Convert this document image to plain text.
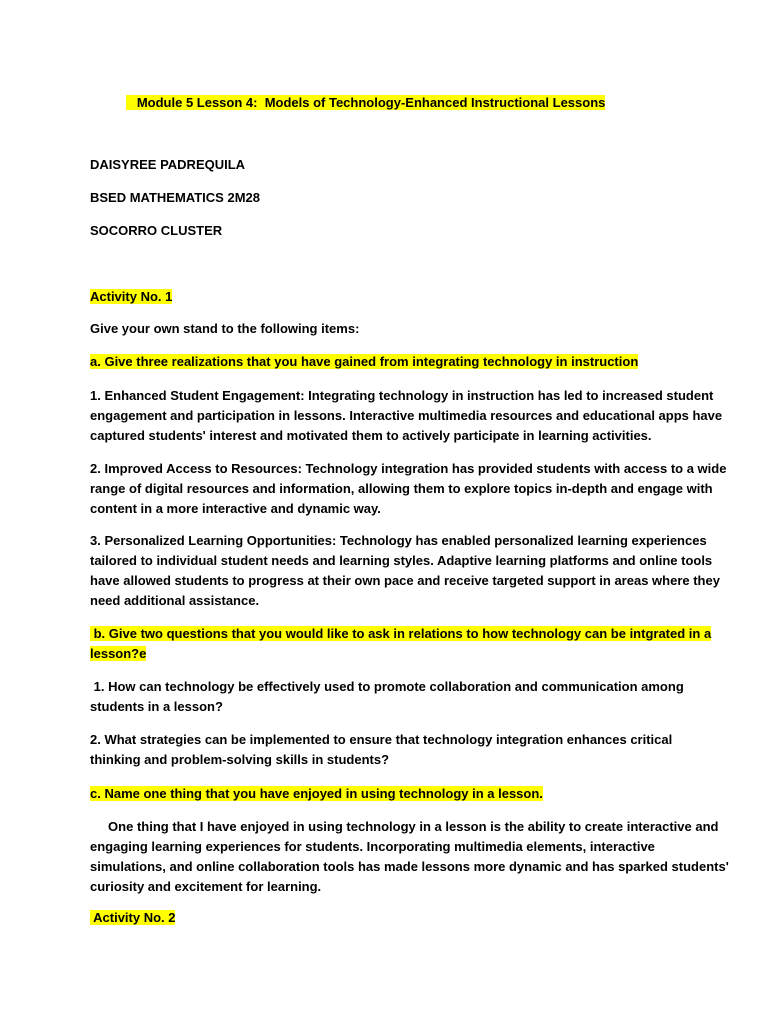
Module 5 Lesson 4:  Models of Technology-Enhanced Instructional Lessons
DAISYREE PADREQUILA
BSED MATHEMATICS 2M28
SOCORRO CLUSTER
Activity No. 1
Give your own stand to the following items:
a. Give three realizations that you have gained from integrating technology in instruction
1. Enhanced Student Engagement: Integrating technology in instruction has led to increased student
engagement and participation in lessons. Interactive multimedia resources and educational apps have
captured students' interest and motivated them to actively participate in learning activities.
2. Improved Access to Resources: Technology integration has provided students with access to a wide
range of digital resources and information, allowing them to explore topics in-depth and engage with
content in a more interactive and dynamic way.
3. Personalized Learning Opportunities: Technology has enabled personalized learning experiences
tailored to individual student needs and learning styles. Adaptive learning platforms and online tools
have allowed students to progress at their own pace and receive targeted support in areas where they
need additional assistance.
b. Give two questions that you would like to ask in relations to how technology can be intgrated in a
lesson?e
1. How can technology be effectively used to promote collaboration and communication among
students in a lesson?
2. What strategies can be implemented to ensure that technology integration enhances critical
thinking and problem-solving skills in students?
c. Name one thing that you have enjoyed in using technology in a lesson.
One thing that I have enjoyed in using technology in a lesson is the ability to create interactive and
engaging learning experiences for students. Incorporating multimedia elements, interactive
simulations, and online collaboration tools has made lessons more dynamic and has sparked students'
curiosity and excitement for learning.
Activity No. 2
